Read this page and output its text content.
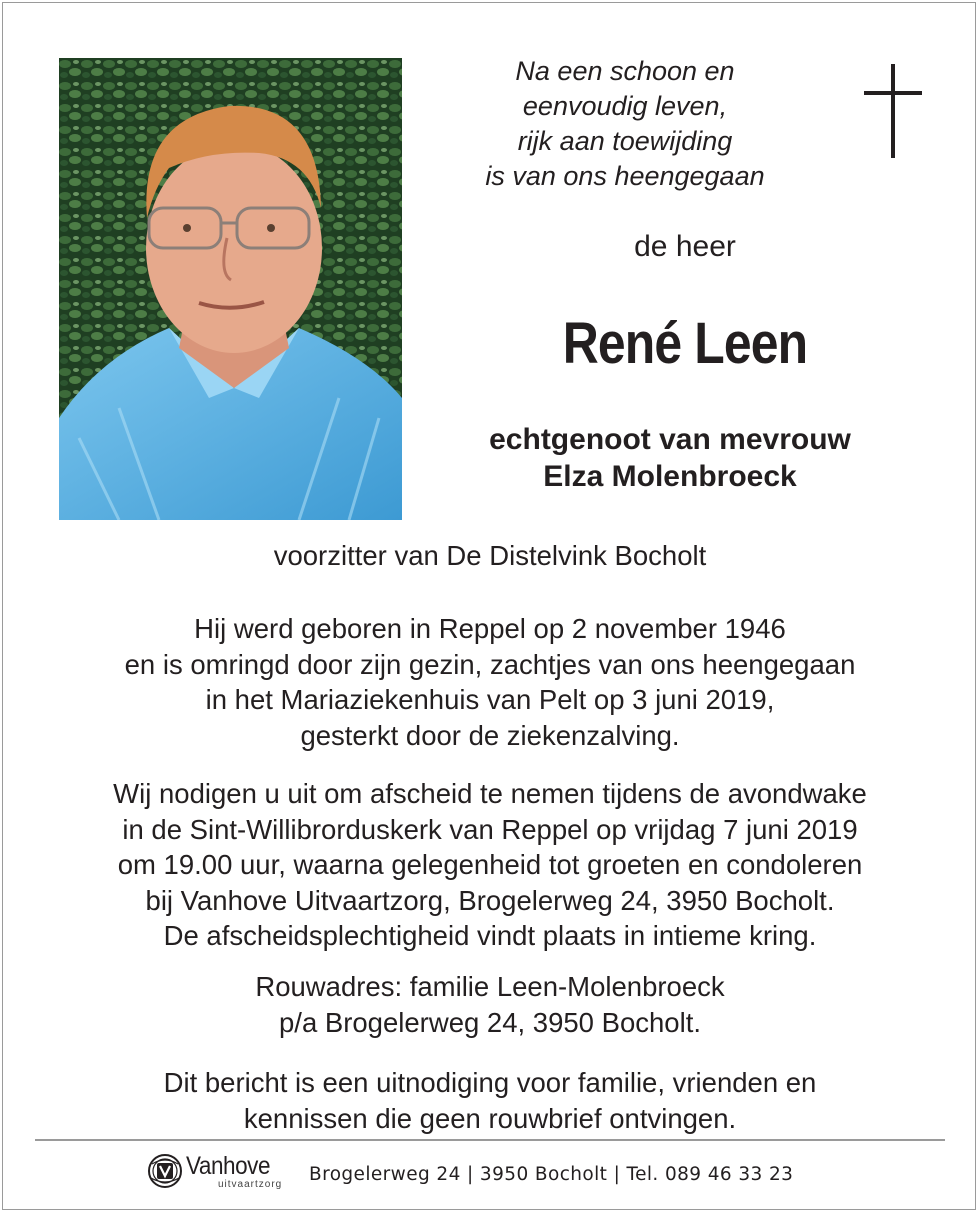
Na een schoon en
eenvoudig leven,
rijk aan toewijding
is van ons heengegaan
de heer
René Leen
echtgenoot van mevrouw
Elza Molenbroeck
voorzitter van De Distelvink Bocholt
Hij werd geboren in Reppel op 2 november 1946
en is omringd door zijn gezin, zachtjes van ons heengegaan
in het Mariaziekenhuis van Pelt op 3 juni 2019,
gesterkt door de ziekenzalving.
Wij nodigen u uit om afscheid te nemen tijdens de avondwake
in de Sint-Willibrorduskerk van Reppel op vrijdag 7 juni 2019
om 19.00 uur, waarna gelegenheid tot groeten en condoleren
bij Vanhove Uitvaartzorg, Brogelerweg 24, 3950 Bocholt.
De afscheidsplechtigheid vindt plaats in intieme kring.
Rouwadres: familie Leen-Molenbroeck
p/a Brogelerweg 24, 3950 Bocholt.
Dit bericht is een uitnodiging voor familie, vrienden en
kennissen die geen rouwbrief ontvingen.
Vanhove
uitvaartzorg Brogelerweg 24 | 3950 Bocholt | Tel. 089 46 33 23
